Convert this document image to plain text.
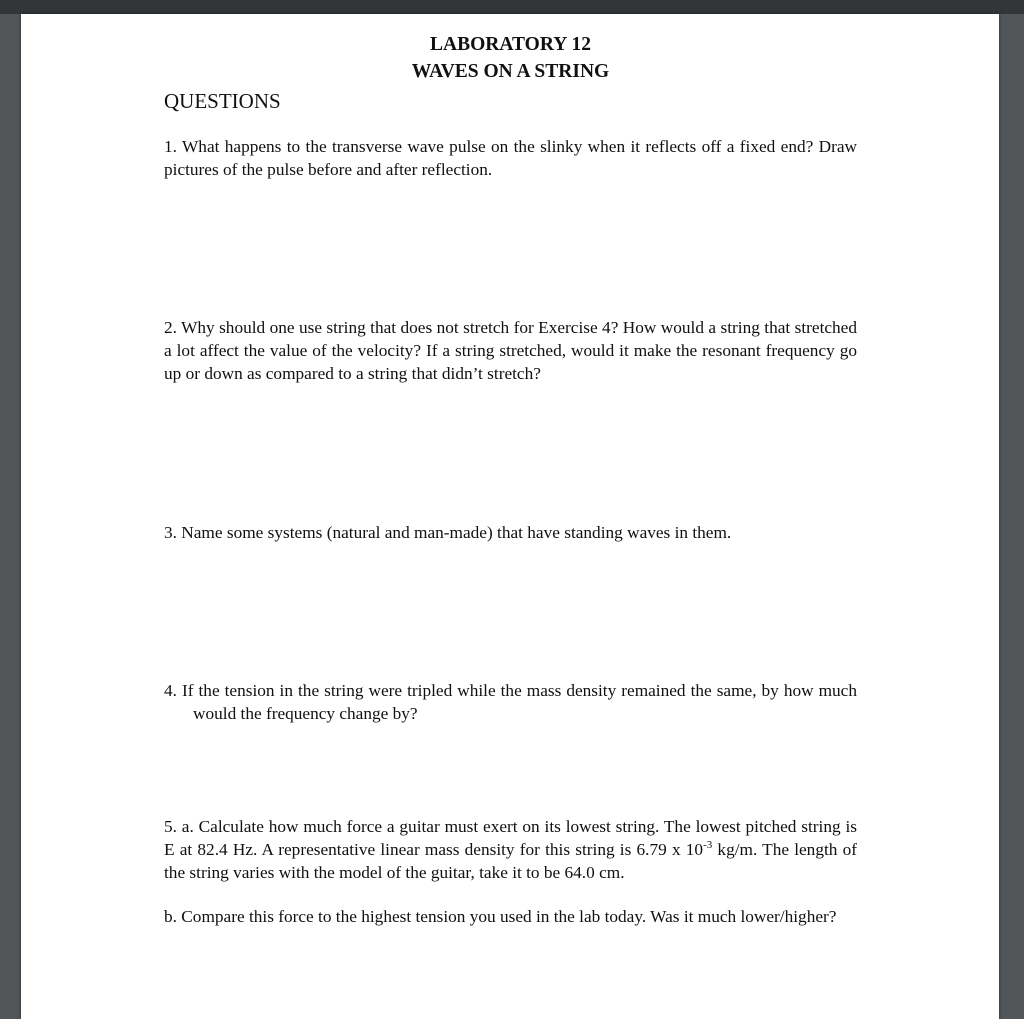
LABORATORY 12
WAVES ON A STRING
QUESTIONS

1. What happens to the transverse wave pulse on the slinky when it reflects off a fixed end? Draw pictures of the pulse before and after reflection.

2. Why should one use string that does not stretch for Exercise 4? How would a string that stretched a lot affect the value of the velocity? If a string stretched, would it make the resonant frequency go up or down as compared to a string that didn’t stretch?

3. Name some systems (natural and man-made) that have standing waves in them.

4. If the tension in the string were tripled while the mass density remained the same, by how much would the frequency change by?

5. a. Calculate how much force a guitar must exert on its lowest string. The lowest pitched string is E at 82.4 Hz. A representative linear mass density for this string is 6.79 x $10^{-3}$ kg/m. The length of the string varies with the model of the guitar, take it to be 64.0 cm.

b. Compare this force to the highest tension you used in the lab today. Was it much lower/higher?
